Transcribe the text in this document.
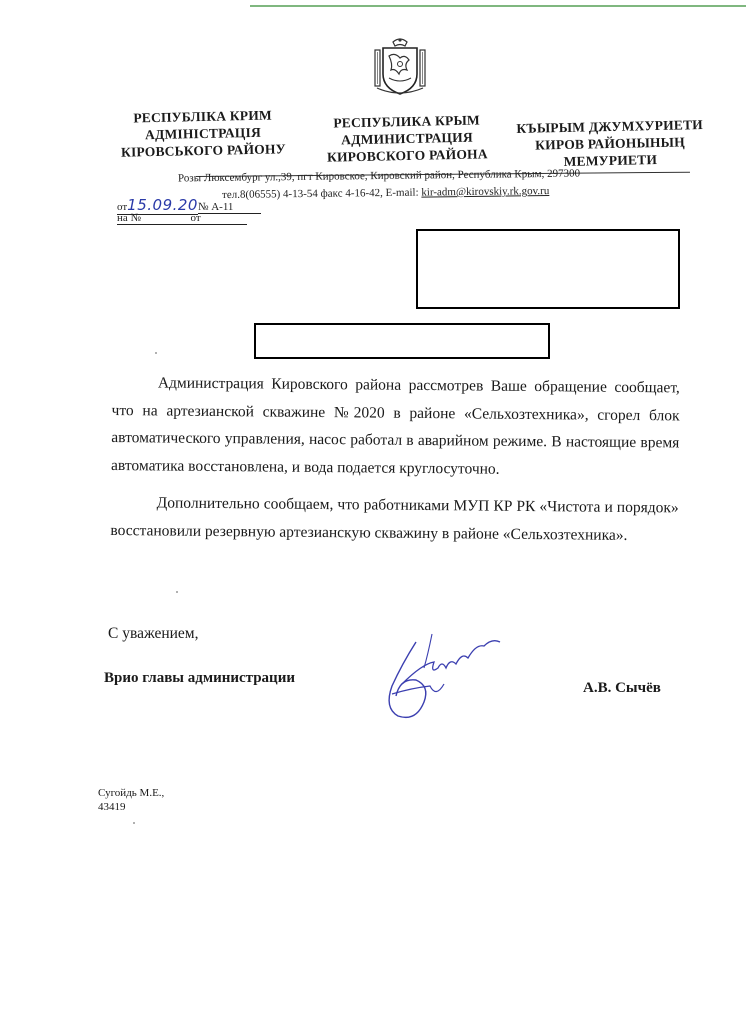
РЕСПУБЛІКА КРИМ
АДМІНІСТРАЦІЯ
КІРОВСЬКОГО РАЙОНУ
РЕСПУБЛИКА КРЫМ
АДМИНИСТРАЦИЯ
КИРОВСКОГО РАЙОНА
КЪЫРЫМ ДЖУМХУРИЕТИ
КИРОВ РАЙОНЫНЫҢ
МЕМУРИЕТИ
Розы Люксембург ул.,39, пгт Кировское, Кировский район, Республика Крым, 297300
тел.8(06555) 4-13-54 факс 4-16-42, E-mail: kir-adm@kirovskiy.rk.gov.ru
от15.09.20№ А-11
на №	от

Администрация Кировского района рассмотрев Ваше обращение сообщает, что на артезианской скважине №2020 в районе «Сельхозтехника», сгорел блок автоматического управления, насос работал в аварийном режиме. В настоящие время автоматика восстановлена, и вода подается круглосуточно.

Дополнительно сообщаем, что работниками МУП КР РК «Чистота и порядок» восстановили резервную артезианскую скважину в районе «Сельхозтехника».

С уважением,
Врио главы администрации
А.В. Сычёв
Сугойдь М.Е.,
43419
